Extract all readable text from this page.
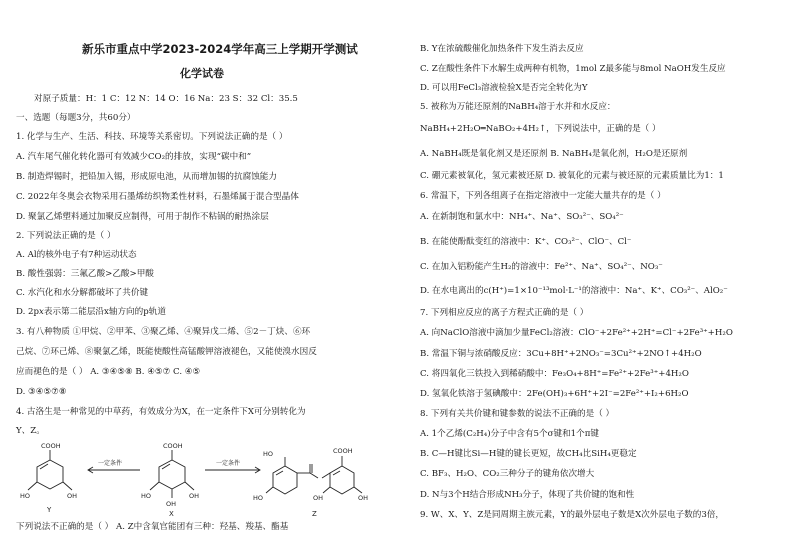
新乐市重点中学2023-2024学年高三上学期开学测试
化学试卷
对原子质量：H：1 C：12 N：14 O：16 Na：23 S：32 Cl：35.5
一、选题（每题3分，共60分）
1. 化学与生产、生活、科技、环境等关系密切。下列说法正确的是（ ）
A. 汽车尾气催化转化器可有效减少CO₂的排放，实现“碳中和”
B. 制造焊锡时，把铅加入锡，形成原电池，从而增加锡的抗腐蚀能力
C. 2022年冬奥会衣物采用石墨烯纺织物柔性材料，石墨烯属于混合型晶体
D. 聚氯乙烯塑料通过加聚反应制得，可用于制作不粘锅的耐热涂层
2. 下列说法正确的是（ ）
A. Al的核外电子有7种运动状态
B. 酸性强弱：三氟乙酸>乙酸>甲酸
C. 水汽化和水分解都破坏了共价键
D. 2p𝑥表示第二能层沿x轴方向的p轨道
3. 有八种物质 ①甲烷、②甲苯、③聚乙烯、④聚异戊二烯、⑤2－丁炔、⑥环
己烷、⑦环己烯、⑧聚氯乙烯，既能使酸性高锰酸钾溶液褪色，又能使溴水因反
应而褪色的是（ ） A. ③④⑤⑧ B. ④⑤⑦ C. ④⑤
D. ③④⑤⑦⑧
4. 古洛生是一种常见的中草药，有效成分为X，在一定条件下X可分别转化为
Y、Z。
COOH
HO	OH
Y
一定条件
COOH
HO	OH
OH
X
一定条件
HO
HO
COOH
OH
OH
Z
下列说法不正确的是（ ） A. Z中含氧官能团有三种：羟基、羧基、酯基
B. Y在浓硫酸催化加热条件下发生消去反应
C. Z在酸性条件下水解生成两种有机物，1mol Z最多能与8mol NaOH发生反应
D. 可以用FeCl₃溶液检验X是否完全转化为Y
5. 被称为万能还原剂的NaBH₄溶于水并和水反应：
NaBH₄+2H₂O═NaBO₂+4H₂↑，下列说法中，正确的是（ ）
A. NaBH₄既是氧化剂又是还原剂 B. NaBH₄是氧化剂，H₂O是还原剂
C. 硼元素被氧化，氢元素被还原 D. 被氧化的元素与被还原的元素质量比为1：1
6. 常温下，下列各组离子在指定溶液中一定能大量共存的是（ ）
A. 在新制饱和氯水中：NH₄⁺、Na⁺、SO₃²⁻、SO₄²⁻
B. 在能使酚酞变红的溶液中：K⁺、CO₃²⁻、ClO⁻、Cl⁻
C. 在加入铝粉能产生H₂的溶液中：Fe²⁺、Na⁺、SO₄²⁻、NO₃⁻
D. 在水电离出的c(H⁺)=1×10⁻¹³mol·L⁻¹的溶液中：Na⁺、K⁺、CO₃²⁻、AlO₂⁻
7. 下列相应反应的离子方程式正确的是（ ）
A. 向NaClO溶液中滴加少量FeCl₂溶液：ClO⁻+2Fe²⁺+2H⁺=Cl⁻+2Fe³⁺+H₂O
B. 常温下铜与浓硝酸反应：3Cu+8H⁺+2NO₃⁻=3Cu²⁺+2NO↑+4H₂O
C. 将四氧化三铁投入到稀硝酸中：Fe₃O₄+8H⁺=Fe²⁺+2Fe³⁺+4H₂O
D. 氢氧化铁溶于氢碘酸中：2Fe(OH)₃+6H⁺+2I⁻=2Fe²⁺+I₂+6H₂O
8. 下列有关共价键和键参数的说法不正确的是（ ）
A. 1个乙烯(C₂H₄)分子中含有5个σ键和1个π键
B. C—H键比Si—H键的键长更短，故CH₄比SiH₄更稳定
C. BF₃、H₂O、CO₂三种分子的键角依次增大
D. N与3个H结合形成NH₃分子，体现了共价键的饱和性
9. W、X、Y、Z是同周期主族元素，Y的最外层电子数是X次外层电子数的3倍，
